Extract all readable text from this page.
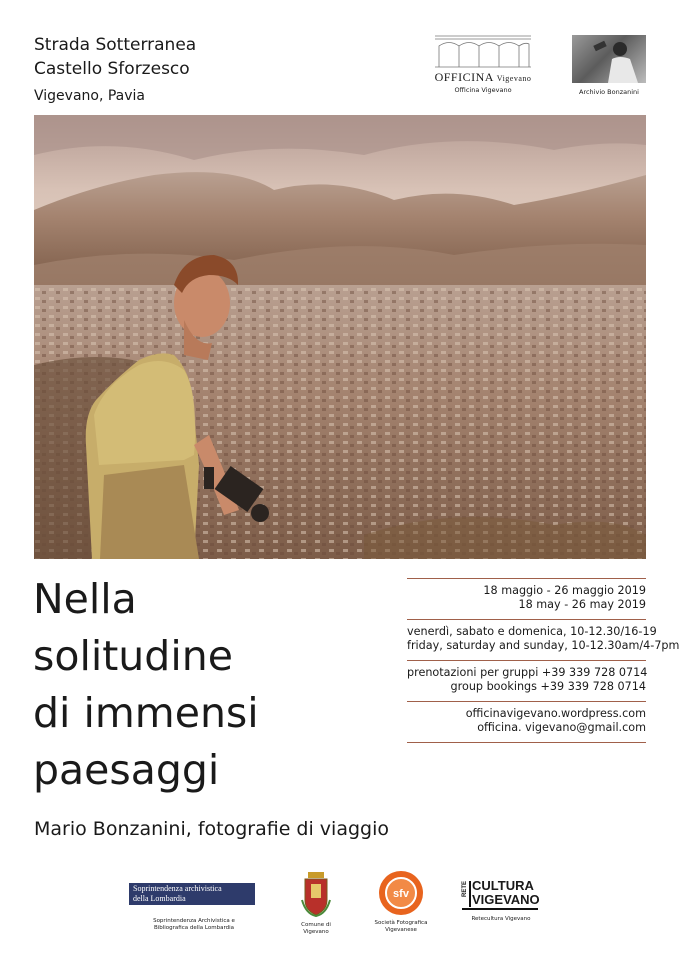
Strada Sotterranea
Castello Sforzesco
Vigevano, Pavia
OFFICINA Vigevano
Officina Vigevano	Archivio Bonzanini
Nella
solitudine
di immensi
paesaggi
Mario Bonzanini, fotografie di viaggio
18 maggio - 26 maggio 2019
18 may - 26 may 2019
venerdì, sabato e domenica, 10-12.30/16-19
friday, saturday and sunday, 10-12.30am/4-7pm
prenotazioni per gruppi +39 339 728 0714
group bookings +39 339 728 0714
officinavigevano.wordpress.com
officina. vigevano@gmail.com
Soprintendenza archivistica
della Lombardia
Soprintendenza Archivistica e
Bibliografica della Lombardia	Comune di Vigevano
sfv
Società Fotografica
Vigevanese
RETE CULTURA
VIGEVANO
Retecultura Vigevano
